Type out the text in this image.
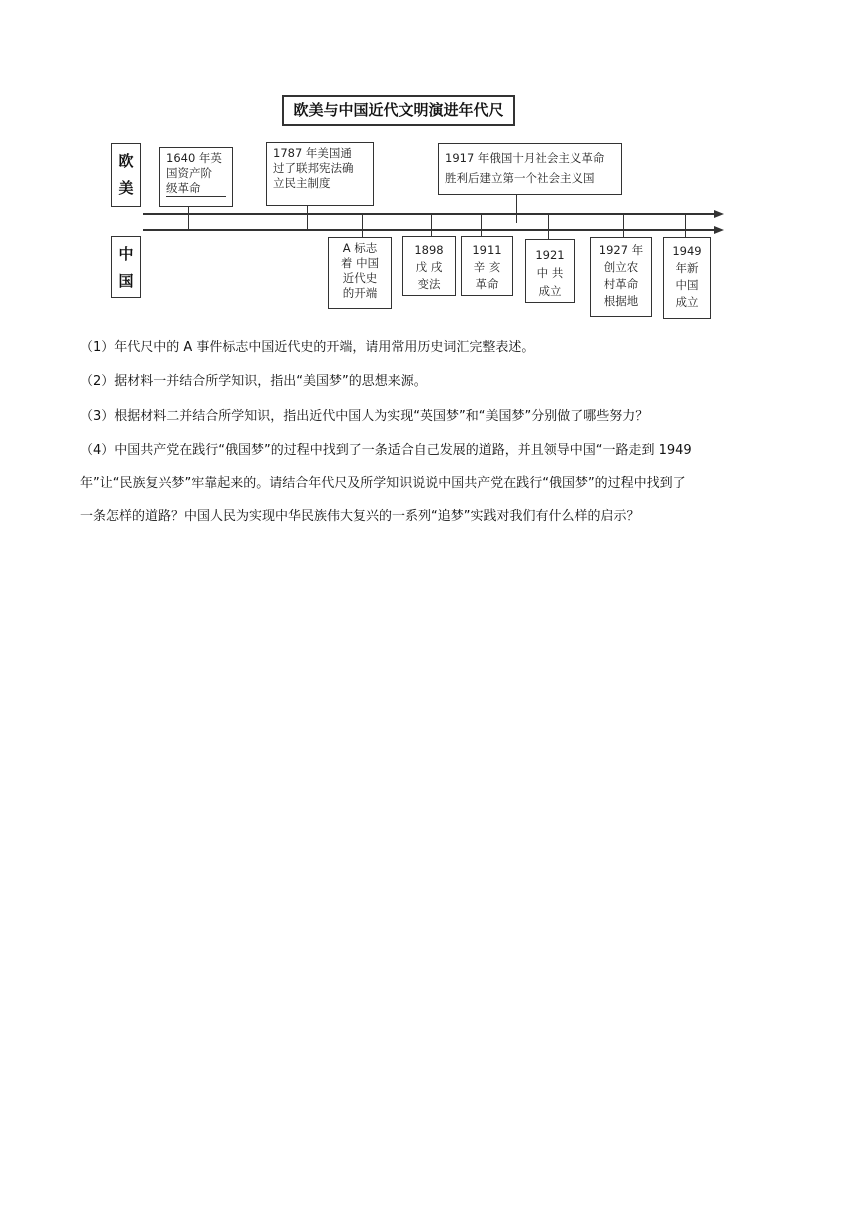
欧美与中国近代文明演进年代尺
欧
美
中
国
1640 年英
国资产阶
级革命
1787 年美国通
过了联邦宪法确
立民主制度
1917 年俄国十月社会主义革命
胜利后建立第一个社会主义国
A 标志
着 中国
近代史
的开端
1898
戊 戌
变法
1911
辛 亥
革命
1921
中 共
成立
1927 年
创立农
村革命
根据地
1949
年新
中国
成立
（1）年代尺中的 A 事件标志中国近代史的开端，请用常用历史词汇完整表述。
（2）据材料一并结合所学知识，指出“美国梦”的思想来源。
（3）根据材料二并结合所学知识，指出近代中国人为实现“英国梦”和“美国梦”分别做了哪些努力？
（4）中国共产党在践行“俄国梦”的过程中找到了一条适合自己发展的道路，并且领导中国“一路走到 1949
年”让“民族复兴梦”牢靠起来的。请结合年代尺及所学知识说说中国共产党在践行“俄国梦”的过程中找到了
一条怎样的道路？中国人民为实现中华民族伟大复兴的一系列“追梦”实践对我们有什么样的启示？
